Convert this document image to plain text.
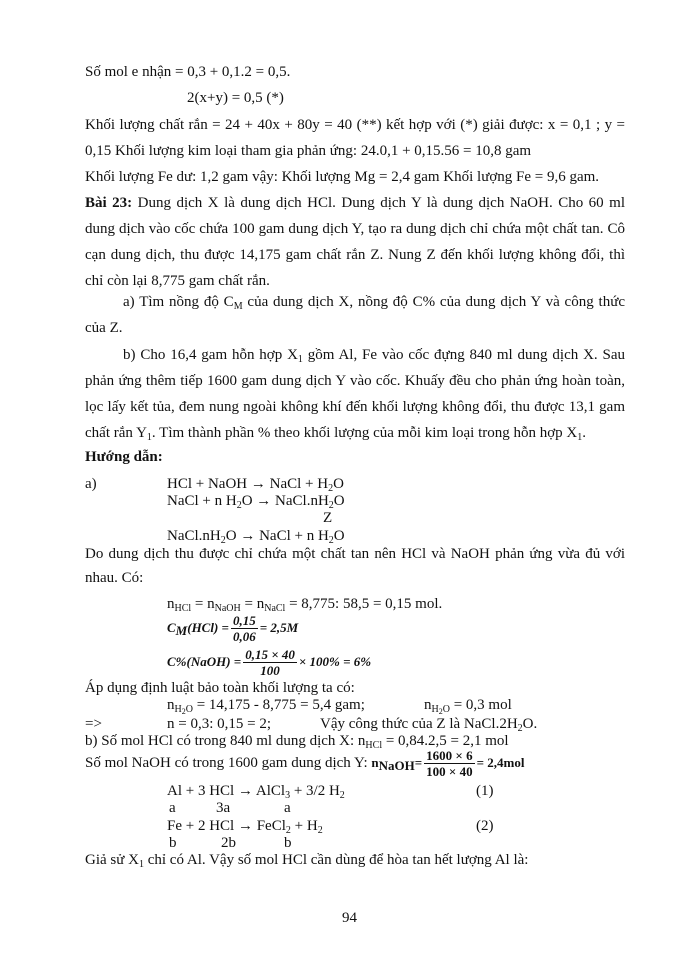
Số mol e nhận = 0,3 + 0,1.2 = 0,5.
2(x+y) = 0,5 (*)
Khối lượng chất rắn = 24 + 40x + 80y = 40 (**) kết hợp với (*) giải được: x = 0,1 ; y =
0,15 Khối lượng kim loại tham gia phản ứng: 24.0,1 + 0,15.56 = 10,8 gam
Khối lượng Fe dư: 1,2 gam vậy: Khối lượng Mg = 2,4 gam Khối lượng Fe = 9,6 gam.
Bài 23: Dung dịch X là dung dịch HCl. Dung dịch Y là dung dịch NaOH. Cho 60 ml
dung dịch vào cốc chứa 100 gam dung dịch Y, tạo ra dung dịch chỉ chứa một chất tan. Cô
cạn dung dịch, thu được 14,175 gam chất rắn Z. Nung Z đến khối lượng không đổi, thì
chỉ còn lại 8,775 gam chất rắn.
a) Tìm nồng độ $C_M$ của dung dịch X, nồng độ C% của dung dịch Y và công thức
của Z.
b) Cho 16,4 gam hỗn hợp $X_1$ gồm Al, Fe vào cốc đựng 840 ml dung dịch X. Sau
phản ứng thêm tiếp 1600 gam dung dịch Y vào cốc. Khuấy đều cho phản ứng hoàn toàn,
lọc lấy kết tủa, đem nung ngoài không khí đến khối lượng không đổi, thu được 13,1 gam
chất rắn $Y_1$. Tìm thành phần % theo khối lượng của mỗi kim loại trong hỗn hợp $X_1$.
Hướng dẫn:
a)	HCl + NaOH → NaCl + $H_2O$
NaCl + n $H_2O$ → $NaCl.nH_2O$
Z
$NaCl.nH_2O$ → NaCl + n $H_2O$
Do dung dịch thu được chỉ chứa một chất tan nên HCl và NaOH phản ứng vừa đủ với
nhau. Có:
$n_{HCl} = n_{NaOH} = n_{NaCl} = 8,775$: 58,5 = 0,15 mol.
$C_M(HCl) = \frac{0,15}{0,06} = 2,5M$
C%(NaOH) = $\frac{0,15 \times 40}{100} \times 100\% = 6\%$
Áp dụng định luật bảo toàn khối lượng ta có:
$n_{H_2O} = 14,175 - 8,775 = 5,4$ gam;	$n_{H_2O} = 0,3$ mol
=>	n = 0,3: 0,15 = 2;	Vậy công thức của Z là $NaCl.2H_2O$.
b) Số mol HCl có trong 840 ml dung dịch X: $n_{HCl} = 0,84.2,5 = 2,1$ mol
Số mol NaOH có trong 1600 gam dung dịch Y: $n_{NaOH}= \frac{1600 \times 6}{100 \times 40} = 2,4mol$
Al + 3 HCl → AlCl$_3$ + 3/2 $H_2$	(1)
a	3a	a
Fe + 2 HCl → FeCl$_2$ + $H_2$	(2)
b	2b	b
Giả sử $X_1$ chỉ có Al. Vậy số mol HCl cần dùng để hòa tan hết lượng Al là:
94
